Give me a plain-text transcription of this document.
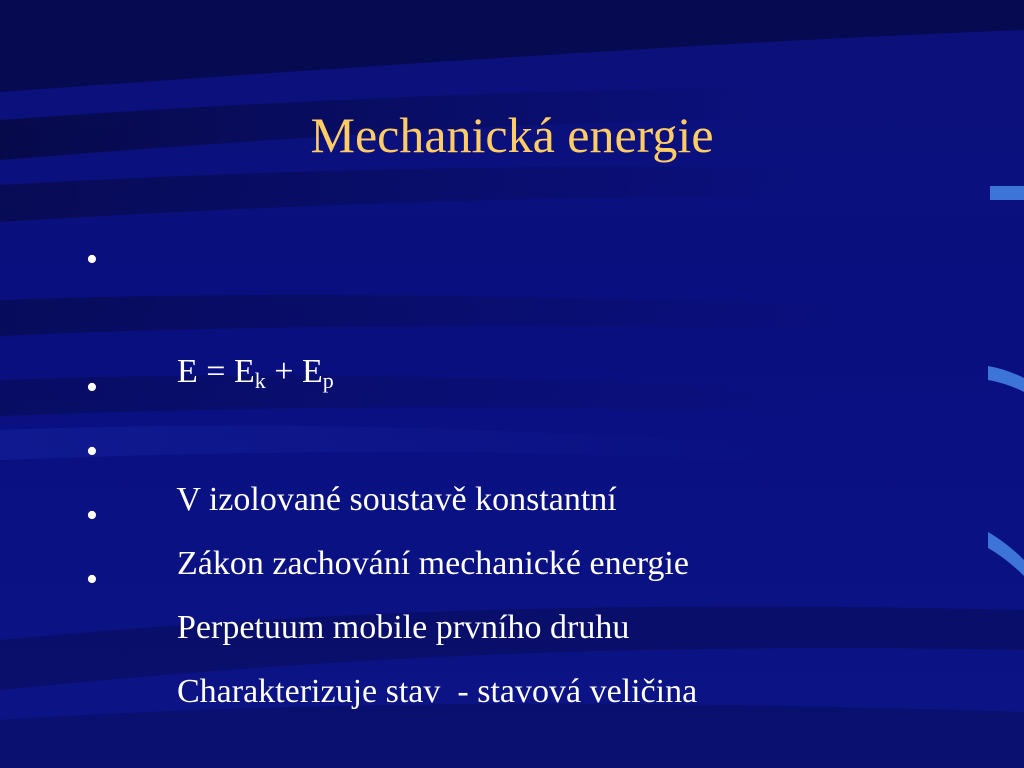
Mechanická energie

•

$E = E_k + E_p$

•

V izolované soustavě konstantní

•

Zákon zachování mechanické energie

•

Perpetuum mobile prvního druhu

•

Charakterizuje stav  - stavová veličina
